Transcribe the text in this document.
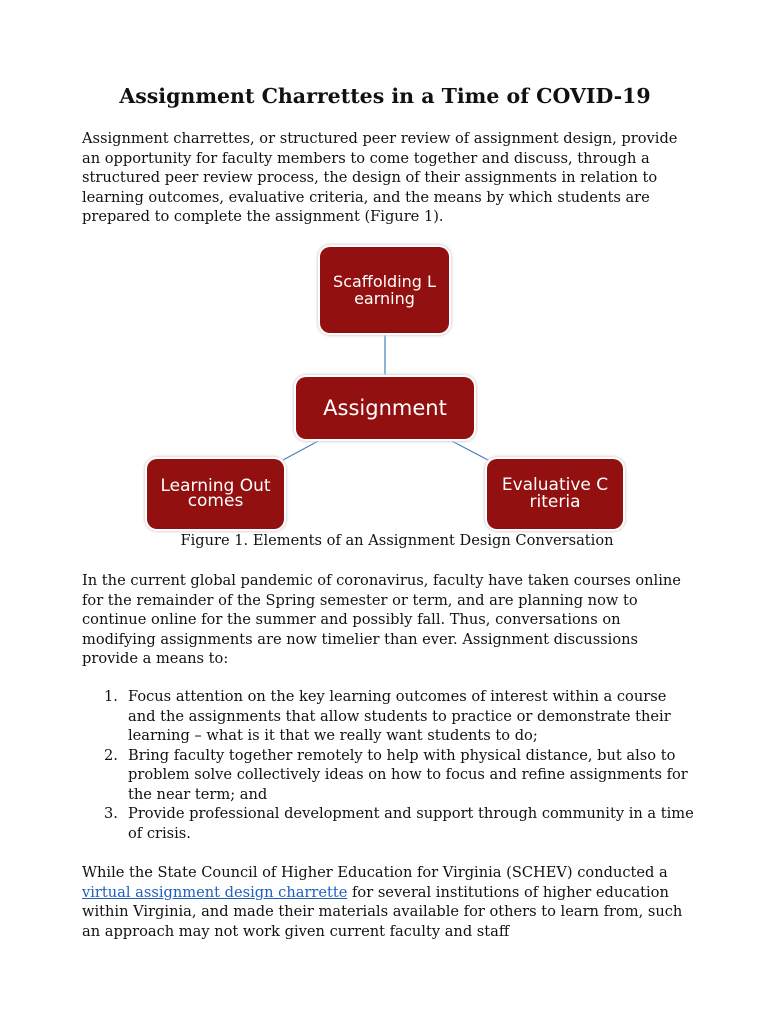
Assignment Charrettes in a Time of COVID-19

Assignment charrettes, or structured peer review of assignment design, provide an opportunity for faculty members to come together and discuss, through a structured peer review process, the design of their assignments in relation to learning outcomes, evaluative criteria, and the means by which students are prepared to complete the assignment (Figure 1).

Scaffolding Learning
Assignment
Learning Outcomes
Evaluative Criteria

Figure 1. Elements of an Assignment Design Conversation

In the current global pandemic of coronavirus, faculty have taken courses online for the remainder of the Spring semester or term, and are planning now to continue online for the summer and possibly fall. Thus, conversations on modifying assignments are now timelier than ever. Assignment discussions provide a means to:

1. Focus attention on the key learning outcomes of interest within a course and the assignments that allow students to practice or demonstrate their learning – what is it that we really want students to do;
2. Bring faculty together remotely to help with physical distance, but also to problem solve collectively ideas on how to focus and refine assignments for the near term; and
3. Provide professional development and support through community in a time of crisis.

While the State Council of Higher Education for Virginia (SCHEV) conducted a virtual assignment design charrette for several institutions of higher education within Virginia, and made their materials available for others to learn from, such an approach may not work given current faculty and staff
